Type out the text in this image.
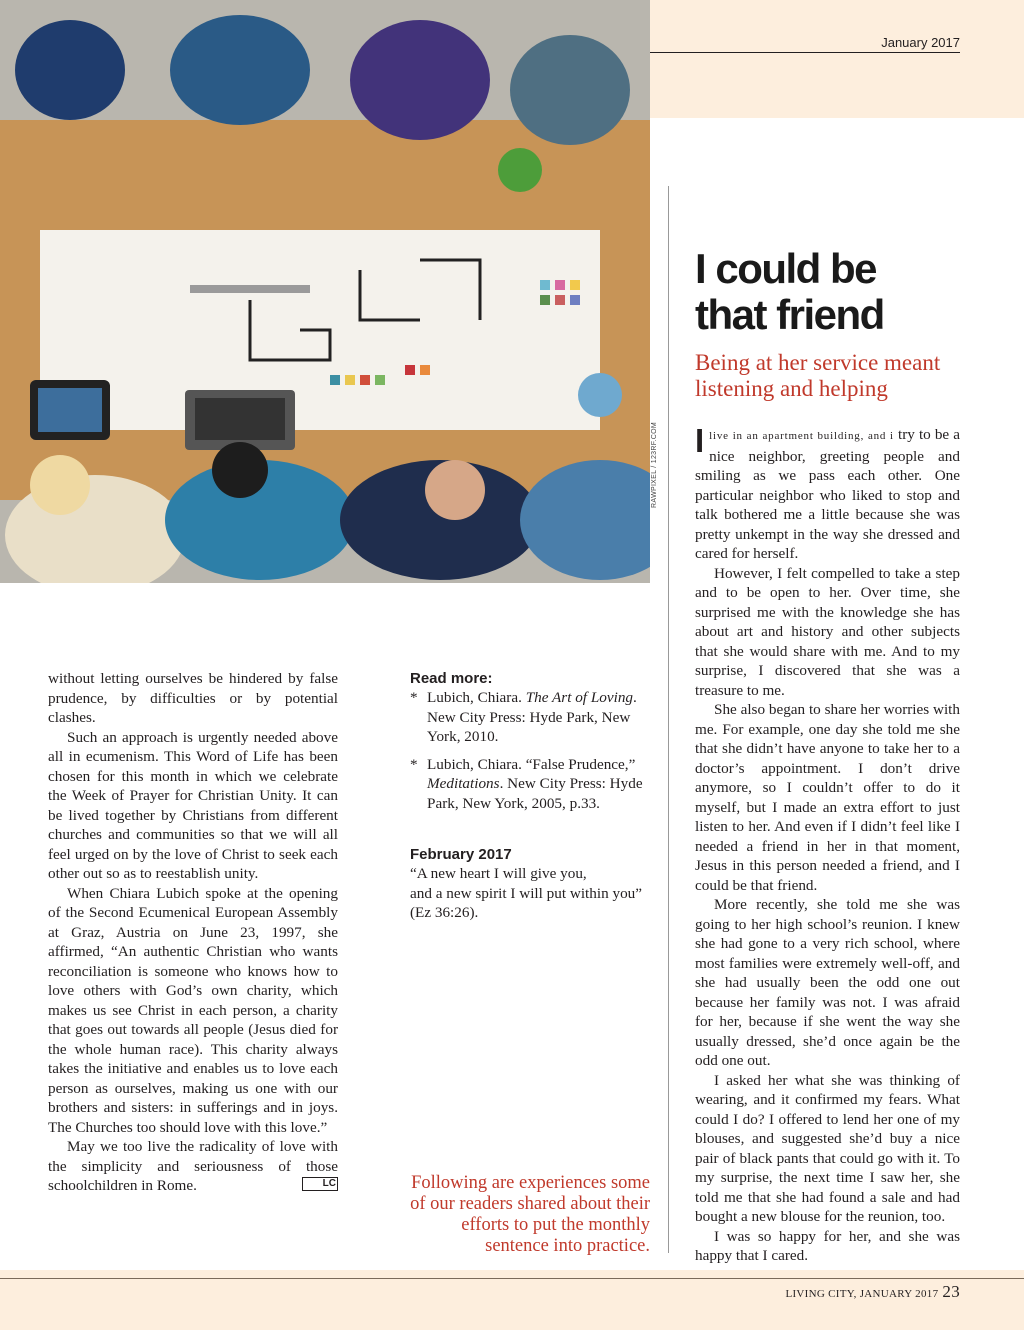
January 2017
RAWPIXEL / 123RF.COM
I could be
that friend
Being at her service meant listening and helping

Ilive in an apartment building, and i try to be a nice neighbor, greeting people and smiling as we pass each other. One particular neighbor who liked to stop and talk bothered me a little because she was pretty unkempt in the way she dressed and cared for herself.

However, I felt compelled to take a step and to be open to her. Over time, she surprised me with the knowledge she has about art and history and other subjects that she would share with me. And to my surprise, I discovered that she was a treasure to me.

She also began to share her worries with me. For example, one day she told me she that she didn’t have anyone to take her to a doctor’s appointment. I don’t drive anymore, so I couldn’t offer to do it myself, but I made an extra effort to just listen to her. And even if I didn’t feel like I needed a friend in her in that moment, Jesus in this person needed a friend, and I could be that friend.

More recently, she told me she was going to her high school’s reunion. I knew she had gone to a very rich school, where most families were extremely well-off, and she had usually been the odd one out because her family was not. I was afraid for her, because if she went the way she usually dressed, she’d once again be the odd one out.

I asked her what she was thinking of wearing, and it confirmed my fears. What could I do? I offered to lend her one of my blouses, and suggested she’d buy a nice pair of black pants that could go with it. To my surprise, the next time I saw her, she told me that she had found a sale and had bought a new blouse for the reunion, too.

I was so happy for her, and she was happy that I cared.

without letting ourselves be hindered by false prudence, by difficulties or by potential clashes.

Such an approach is urgently needed above all in ecumenism. This Word of Life has been chosen for this month in which we celebrate the Week of Prayer for Christian Unity. It can be lived together by Christians from different churches and communities so that we will all feel urged on by the love of Christ to seek each other out so as to reestablish unity.

When Chiara Lubich spoke at the opening of the Second Ecumenical European Assembly at Graz, Austria on June 23, 1997, she affirmed, “An authentic Christian who wants reconciliation is someone who knows how to love others with God’s own charity, which makes us see Christ in each person, a charity that goes out towards all people (Jesus died for the whole human race). This charity always takes the initiative and enables us to love each person as ourselves, making us one with our brothers and sisters: in sufferings and in joys. The Churches too should love with this love.”

May we too live the radicality of love with the simplicity and seriousness of those schoolchildren in Rome.	LC

Read more:
* Lubich, Chiara. The Art of Loving. New City Press: Hyde Park, New York, 2010.
* Lubich, Chiara. “False Prudence,” Meditations. New City Press: Hyde Park, New York, 2005, p.33.
February 2017
“A new heart I will give you,
and a new spirit I will put within you”
(Ez 36:26).
Following are experiences some of our readers shared about their efforts to put the monthly sentence into practice.
LIVING CITY, JANUARY 2017 23
